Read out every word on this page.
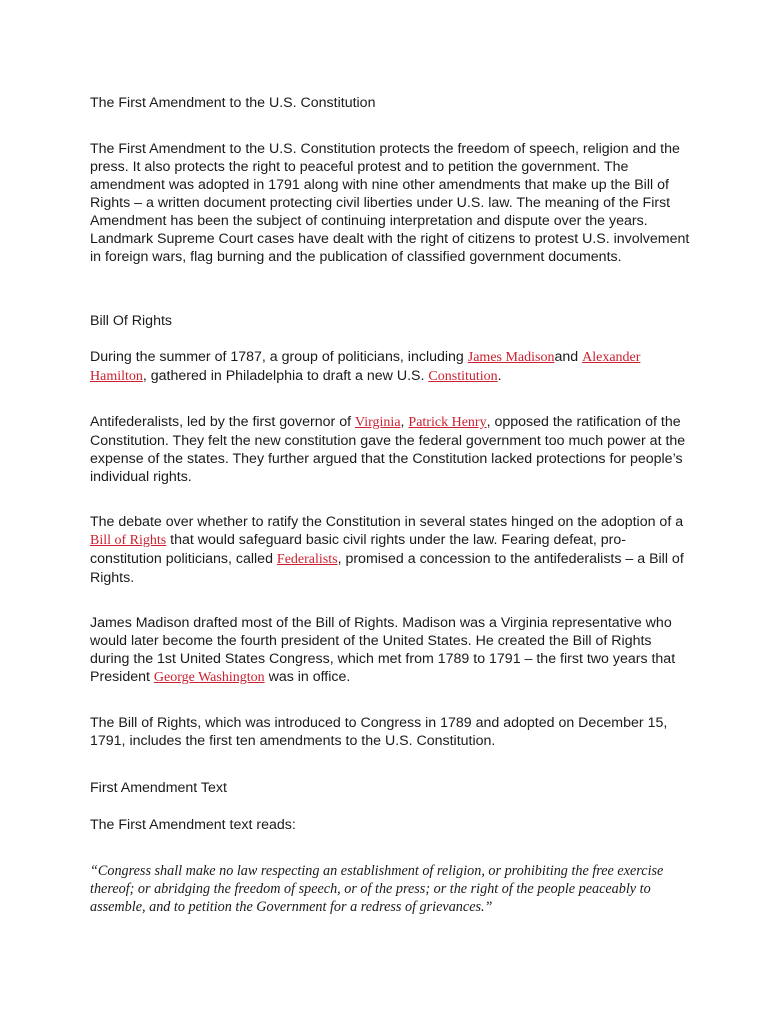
The First Amendment to the U.S. Constitution

The First Amendment to the U.S. Constitution protects the freedom of speech, religion and the press. It also protects the right to peaceful protest and to petition the government. The amendment was adopted in 1791 along with nine other amendments that make up the Bill of Rights – a written document protecting civil liberties under U.S. law. The meaning of the First Amendment has been the subject of continuing interpretation and dispute over the years. Landmark Supreme Court cases have dealt with the right of citizens to protest U.S. involvement in foreign wars, flag burning and the publication of classified government documents.

Bill Of Rights

During the summer of 1787, a group of politicians, including James Madisonand Alexander Hamilton, gathered in Philadelphia to draft a new U.S. Constitution.

Antifederalists, led by the first governor of Virginia, Patrick Henry, opposed the ratification of the Constitution. They felt the new constitution gave the federal government too much power at the expense of the states. They further argued that the Constitution lacked protections for people’s individual rights.

The debate over whether to ratify the Constitution in several states hinged on the adoption of a Bill of Rights that would safeguard basic civil rights under the law. Fearing defeat, pro-constitution politicians, called Federalists, promised a concession to the antifederalists – a Bill of Rights.

James Madison drafted most of the Bill of Rights. Madison was a Virginia representative who would later become the fourth president of the United States. He created the Bill of Rights during the 1st United States Congress, which met from 1789 to 1791 – the first two years that President George Washington was in office.

The Bill of Rights, which was introduced to Congress in 1789 and adopted on December 15, 1791, includes the first ten amendments to the U.S. Constitution.

First Amendment Text

The First Amendment text reads:

“Congress shall make no law respecting an establishment of religion, or prohibiting the free exercise thereof; or abridging the freedom of speech, or of the press; or the right of the people peaceably to assemble, and to petition the Government for a redress of grievances.”
